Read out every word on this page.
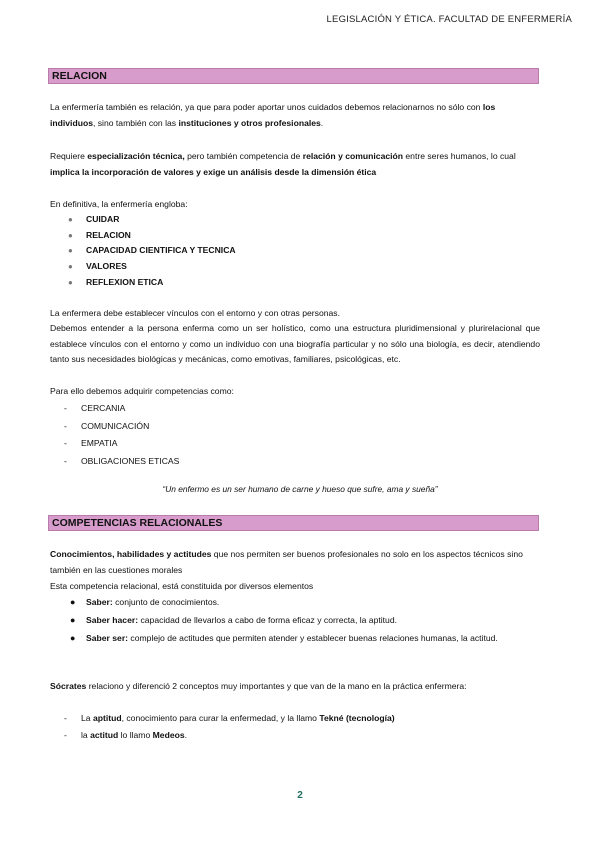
LEGISLACIÓN Y ÉTICA. FACULTAD DE ENFERMERÍA
RELACION

La enfermería también es relación, ya que para poder aportar unos cuidados debemos relacionarnos no sólo con los individuos, sino también con las instituciones y otros profesionales.

Requiere especialización técnica, pero también competencia de relación y comunicación entre seres humanos, lo cual implica la incorporación de valores y exige un análisis desde la dimensión ética

En definitiva, la enfermería engloba:

● CUIDAR
● RELACION
● CAPACIDAD CIENTIFICA Y TECNICA
● VALORES
● REFLEXION ETICA

La enfermera debe establecer vínculos con el entorno y con otras personas.

Debemos entender a la persona enferma como un ser holístico, como una estructura pluridimensional y plurirelacional que establece vínculos con el entorno y como un individuo con una biografía particular y no sólo una biología, es decir, atendiendo tanto sus necesidades biológicas y mecánicas, como emotivas, familiares, psicológicas, etc.

Para ello debemos adquirir competencias como:

- CERCANIA
- COMUNICACIÓN
- EMPATIA
- OBLIGACIONES ETICAS
“Un enfermo es un ser humano de carne y hueso que sufre, ama y sueña”
COMPETENCIAS RELACIONALES

Conocimientos, habilidades y actitudes que nos permiten ser buenos profesionales no solo en los aspectos técnicos sino también en las cuestiones morales

Esta competencia relacional, está constituida por diversos elementos

● Saber: conjunto de conocimientos.
● Saber hacer: capacidad de llevarlos a cabo de forma eficaz y correcta, la aptitud.
● Saber ser: complejo de actitudes que permiten atender y establecer buenas relaciones humanas, la actitud.

Sócrates relaciono y diferenció 2 conceptos muy importantes y que van de la mano en la práctica enfermera:

- La aptitud, conocimiento para curar la enfermedad, y la llamo Tekné (tecnología)
- la actitud lo llamo Medeos.
2
